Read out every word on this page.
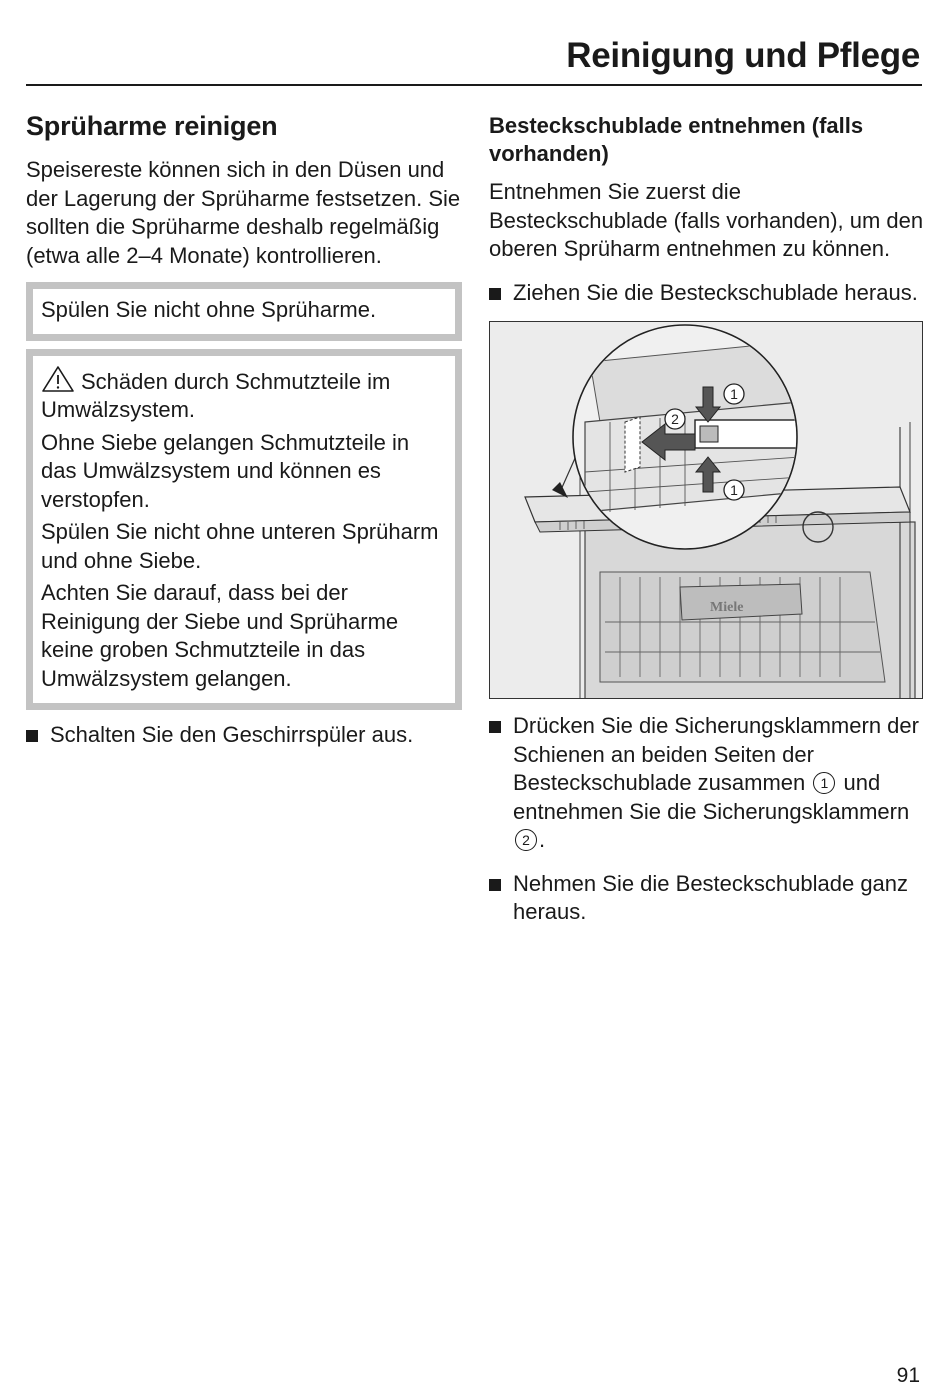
Reinigung und Pflege
Sprüharme reinigen

Speisereste können sich in den Düsen und der Lagerung der Sprüharme festsetzen. Sie sollten die Sprüharme deshalb regelmäßig (etwa alle 2–4 Monate) kontrollieren.

Spülen Sie nicht ohne Sprüharme.

Schäden durch Schmutzteile im Umwälzsystem.

Ohne Siebe gelangen Schmutzteile in das Umwälzsystem und können es verstopfen.

Spülen Sie nicht ohne unteren Sprüharm und ohne Siebe.

Achten Sie darauf, dass bei der Reinigung der Siebe und Sprüharme keine groben Schmutzteile in das Umwälzsystem gelangen.

Schalten Sie den Geschirrspüler aus.
Besteckschublade entnehmen (falls vorhanden)

Entnehmen Sie zuerst die Besteckschublade (falls vorhanden), um den oberen Sprüharm entnehmen zu können.

Ziehen Sie die Besteckschublade heraus.
Miele
1
2
1
Drücken Sie die Sicherungsklammern der Schienen an beiden Seiten der Besteckschublade zusammen 1 und entnehmen Sie die Sicherungsklammern 2 .
Nehmen Sie die Besteckschublade ganz heraus.
91
